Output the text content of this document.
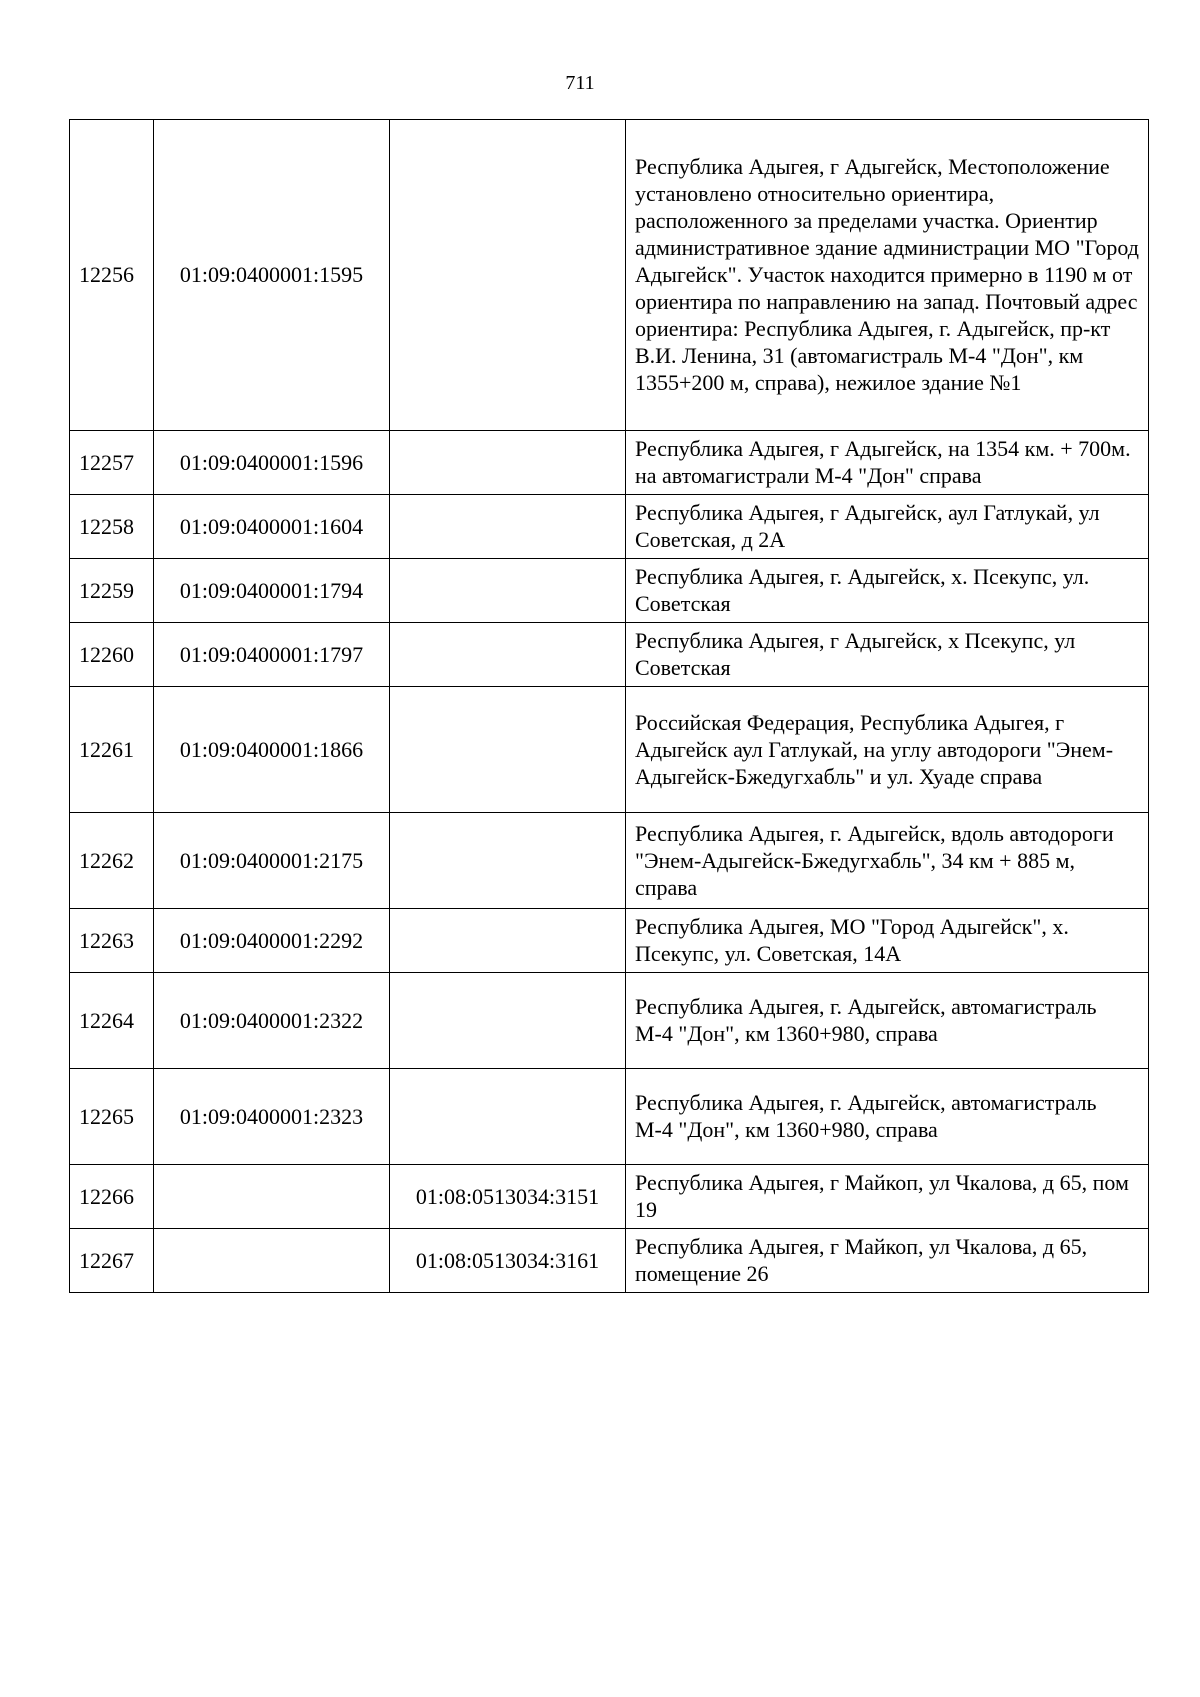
711
12256	01:09:0400001:1595		Республика Адыгея, г Адыгейск, Местоположение установлено относительно ориентира, расположенного за пределами участка. Ориентир административное здание администрации МО "Город Адыгейск". Участок находится примерно в 1190 м от ориентира по направлению на запад. Почтовый адрес ориентира: Республика Адыгея, г. Адыгейск, пр-кт В.И. Ленина, 31 (автомагистраль М-4 "Дон", км 1355+200 м, справа), нежилое здание №1
12257	01:09:0400001:1596		Республика Адыгея, г Адыгейск, на 1354 км. + 700м. на автомагистрали М-4 "Дон" справа
12258	01:09:0400001:1604		Республика Адыгея, г Адыгейск, аул Гатлукай, ул Советская, д 2А
12259	01:09:0400001:1794		Республика Адыгея, г. Адыгейск, х. Псекупс, ул. Советская
12260	01:09:0400001:1797		Республика Адыгея, г Адыгейск, х Псекупс, ул Советская
12261	01:09:0400001:1866		Российская Федерация, Республика Адыгея, г Адыгейск аул Гатлукай, на углу автодороги "Энем-Адыгейск-Бжедугхабль" и ул. Хуаде справа
12262	01:09:0400001:2175		Республика Адыгея, г. Адыгейск, вдоль автодороги "Энем-Адыгейск-Бжедугхабль", 34 км + 885 м, справа
12263	01:09:0400001:2292		Республика Адыгея, МО "Город Адыгейск", х. Псекупс, ул. Советская, 14А
12264	01:09:0400001:2322		Республика Адыгея, г. Адыгейск, автомагистраль М-4 "Дон", км 1360+980, справа
12265	01:09:0400001:2323		Республика Адыгея, г. Адыгейск, автомагистраль М-4 "Дон", км 1360+980, справа
12266		01:08:0513034:3151	Республика Адыгея, г Майкоп, ул Чкалова, д 65, пом 19
12267		01:08:0513034:3161	Республика Адыгея, г Майкоп, ул Чкалова, д 65, помещение 26
